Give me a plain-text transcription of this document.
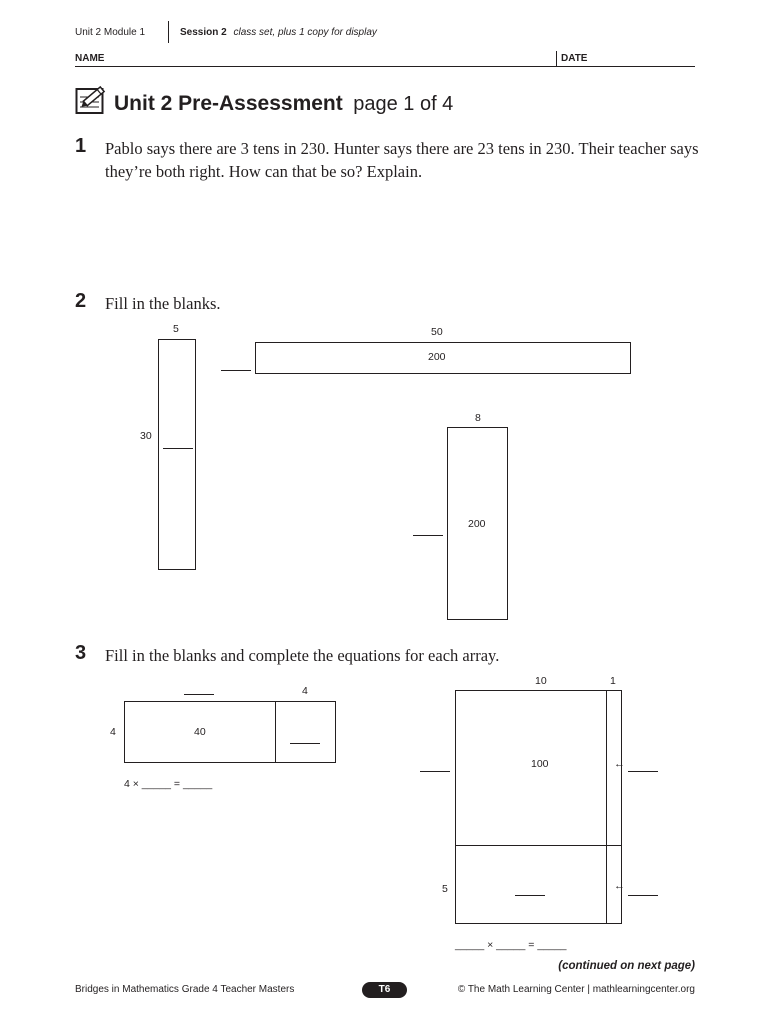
Unit 2 Module 1	Session 2 class set, plus 1 copy for display
NAME	DATE
Unit 2 Pre-Assessment page 1 of 4
1 Pablo says there are 3 tens in 230. Hunter says there are 23 tens in 230. Their teacher says they’re both right. How can that be so? Explain.
2 Fill in the blanks.
5
30
50
200
8
200
3 Fill in the blanks and complete the equations for each array.
4
4	40
4 × _____ = _____
10	1
100	←
5	←
_____ × _____ = _____
(continued on next page)
Bridges in Mathematics Grade 4 Teacher Masters	T6	© The Math Learning Center | mathlearningcenter.org
